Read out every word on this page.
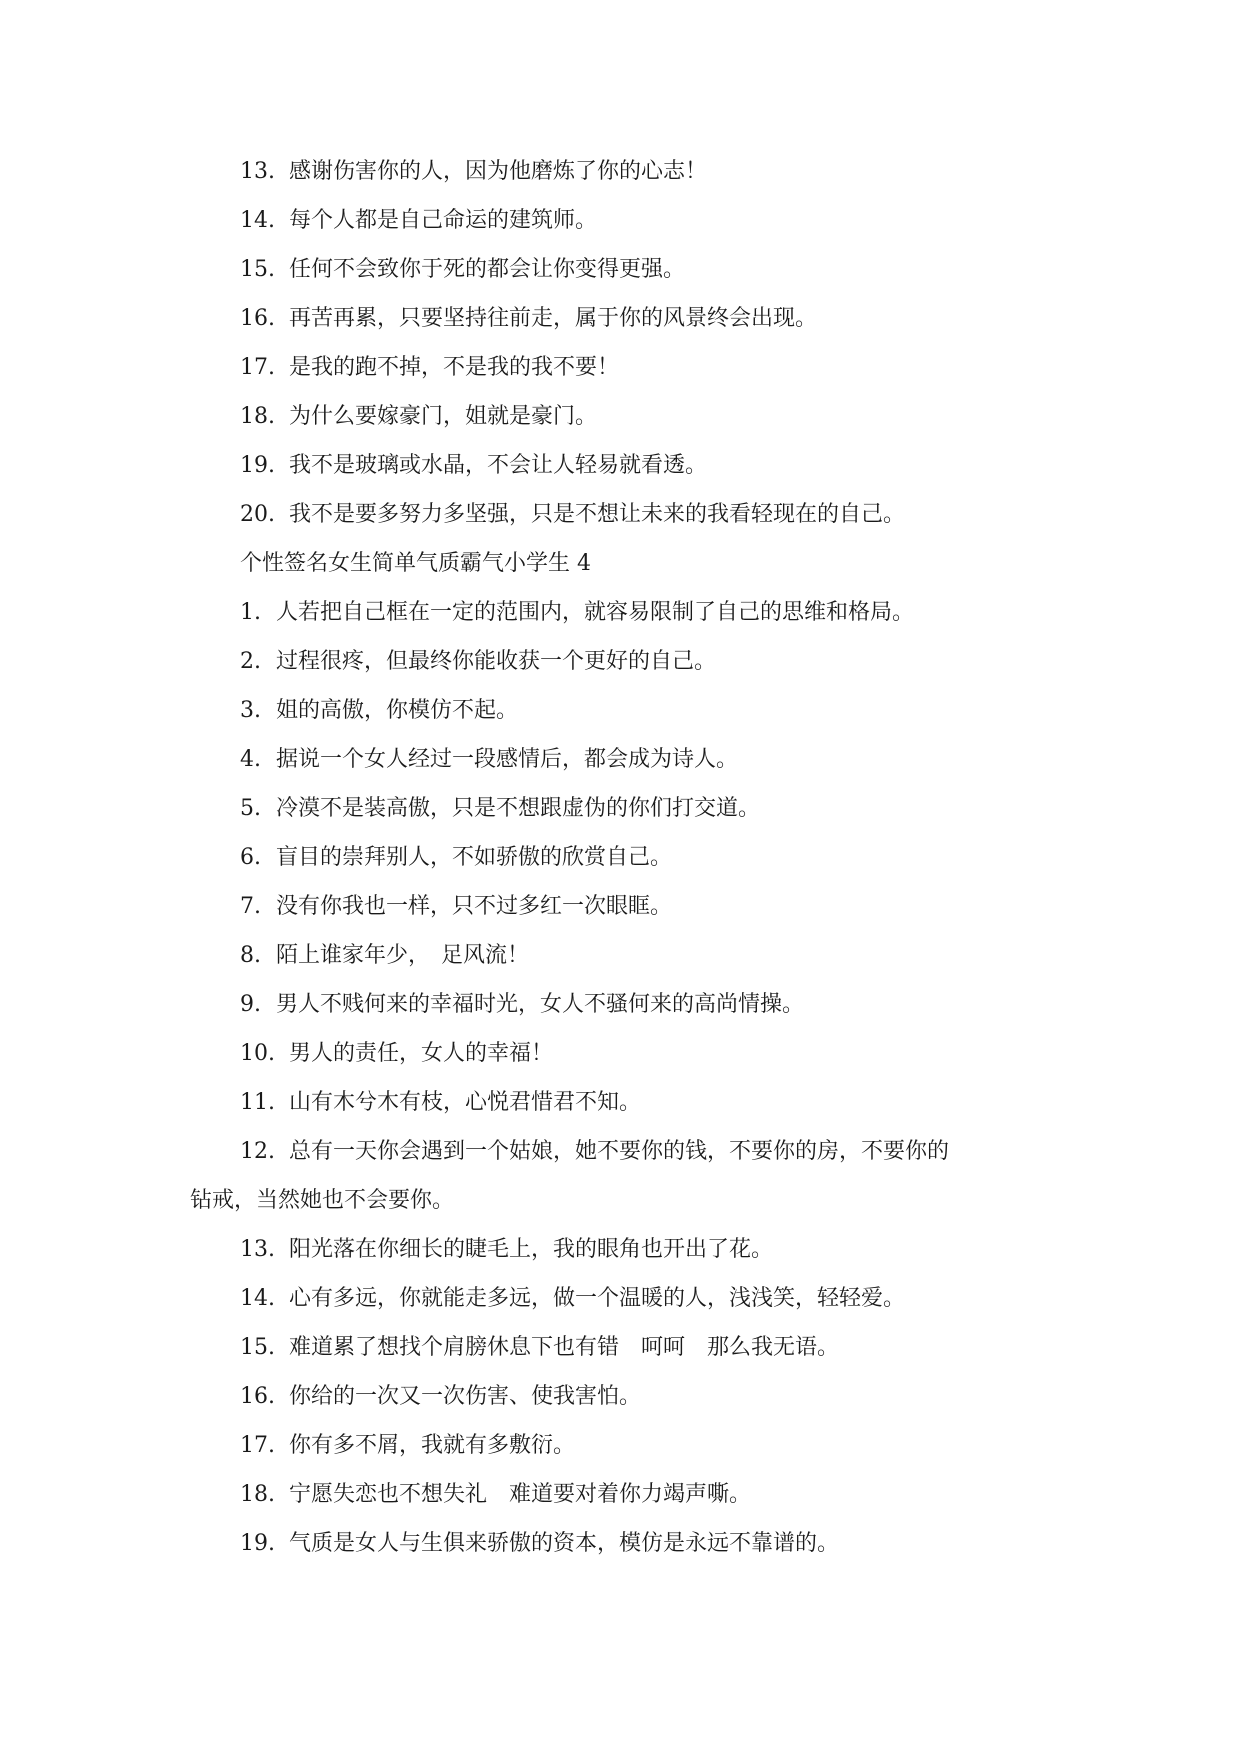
13. 感谢伤害你的人，因为他磨炼了你的心志！
14. 每个人都是自己命运的建筑师。
15. 任何不会致你于死的都会让你变得更强。
16. 再苦再累，只要坚持往前走，属于你的风景终会出现。
17. 是我的跑不掉，不是我的我不要！
18. 为什么要嫁豪门，姐就是豪门。
19. 我不是玻璃或水晶，不会让人轻易就看透。
20. 我不是要多努力多坚强，只是不想让未来的我看轻现在的自己。
个性签名女生简单气质霸气小学生 4
1. 人若把自己框在一定的范围内，就容易限制了自己的思维和格局。
2. 过程很疼，但最终你能收获一个更好的自己。
3. 姐的高傲，你模仿不起。
4. 据说一个女人经过一段感情后，都会成为诗人。
5. 冷漠不是装高傲，只是不想跟虚伪的你们打交道。
6. 盲目的崇拜别人，不如骄傲的欣赏自己。
7. 没有你我也一样，只不过多红一次眼眶。
8. 陌上谁家年少，　足风流！
9. 男人不贱何来的幸福时光，女人不骚何来的高尚情操。
10. 男人的责任，女人的幸福！
11. 山有木兮木有枝，心悦君惜君不知。
12. 总有一天你会遇到一个姑娘，她不要你的钱，不要你的房，不要你的
钻戒，当然她也不会要你。
13. 阳光落在你细长的睫毛上，我的眼角也开出了花。
14. 心有多远，你就能走多远，做一个温暖的人，浅浅笑，轻轻爱。
15. 难道累了想找个肩膀休息下也有错　呵呵　那么我无语。
16. 你给的一次又一次伤害、使我害怕。
17. 你有多不屑，我就有多敷衍。
18. 宁愿失恋也不想失礼　难道要对着你力竭声嘶。
19. 气质是女人与生俱来骄傲的资本，模仿是永远不靠谱的。
